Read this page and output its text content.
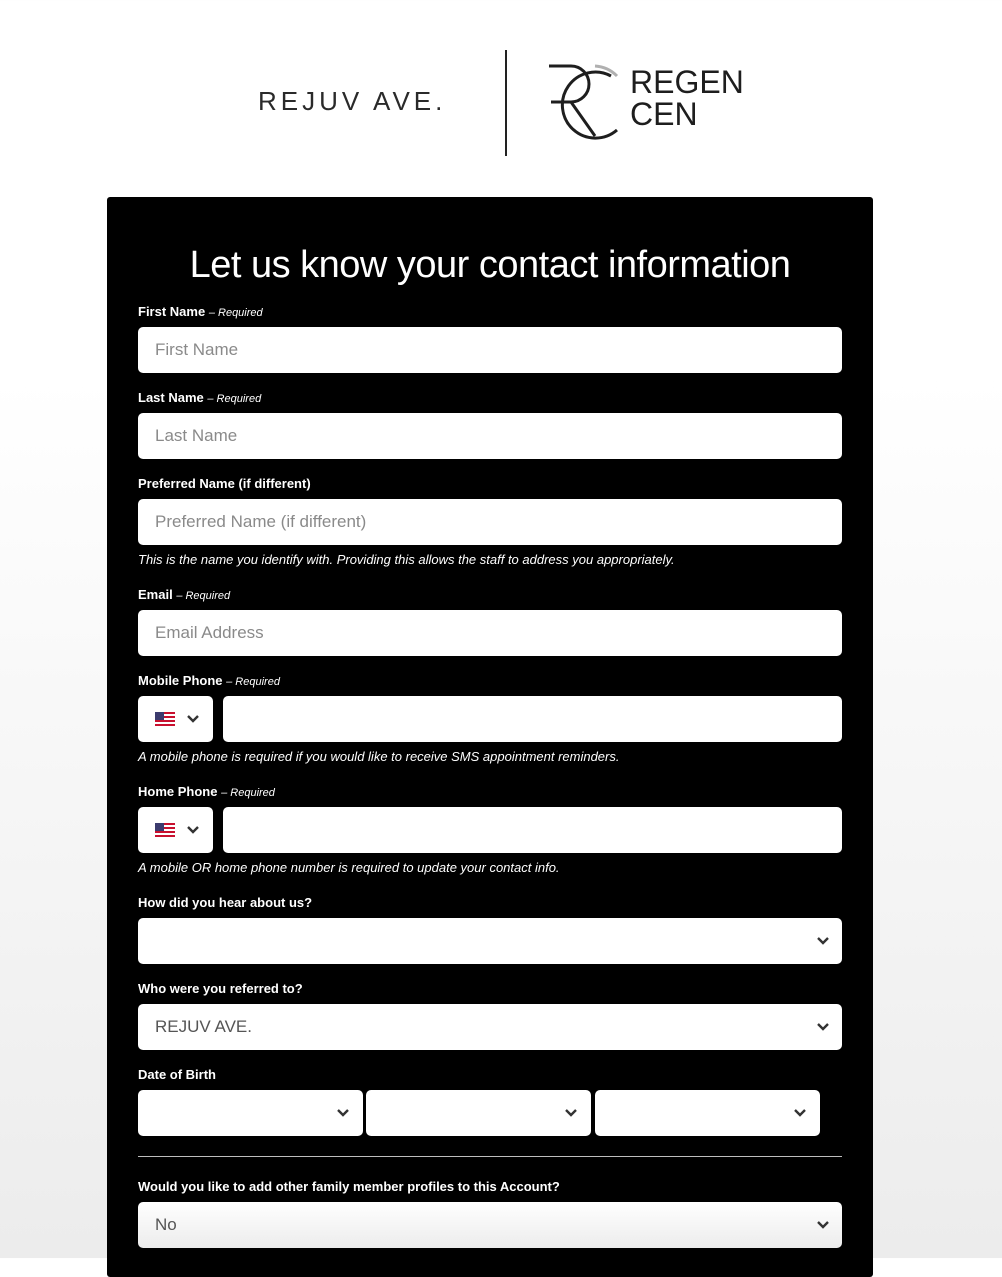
REJUV AVE.
REGEN
CEN
Let us know your contact information
First Name – Required
First Name
Last Name – Required
Last Name
Preferred Name (if different)
Preferred Name (if different)
This is the name you identify with. Providing this allows the staff to address you appropriately.
Email – Required
Email Address
Mobile Phone – Required
A mobile phone is required if you would like to receive SMS appointment reminders.
Home Phone – Required
A mobile OR home phone number is required to update your contact info.
How did you hear about us?
Who were you referred to?
REJUV AVE.
Date of Birth
Would you like to add other family member profiles to this Account?
No
